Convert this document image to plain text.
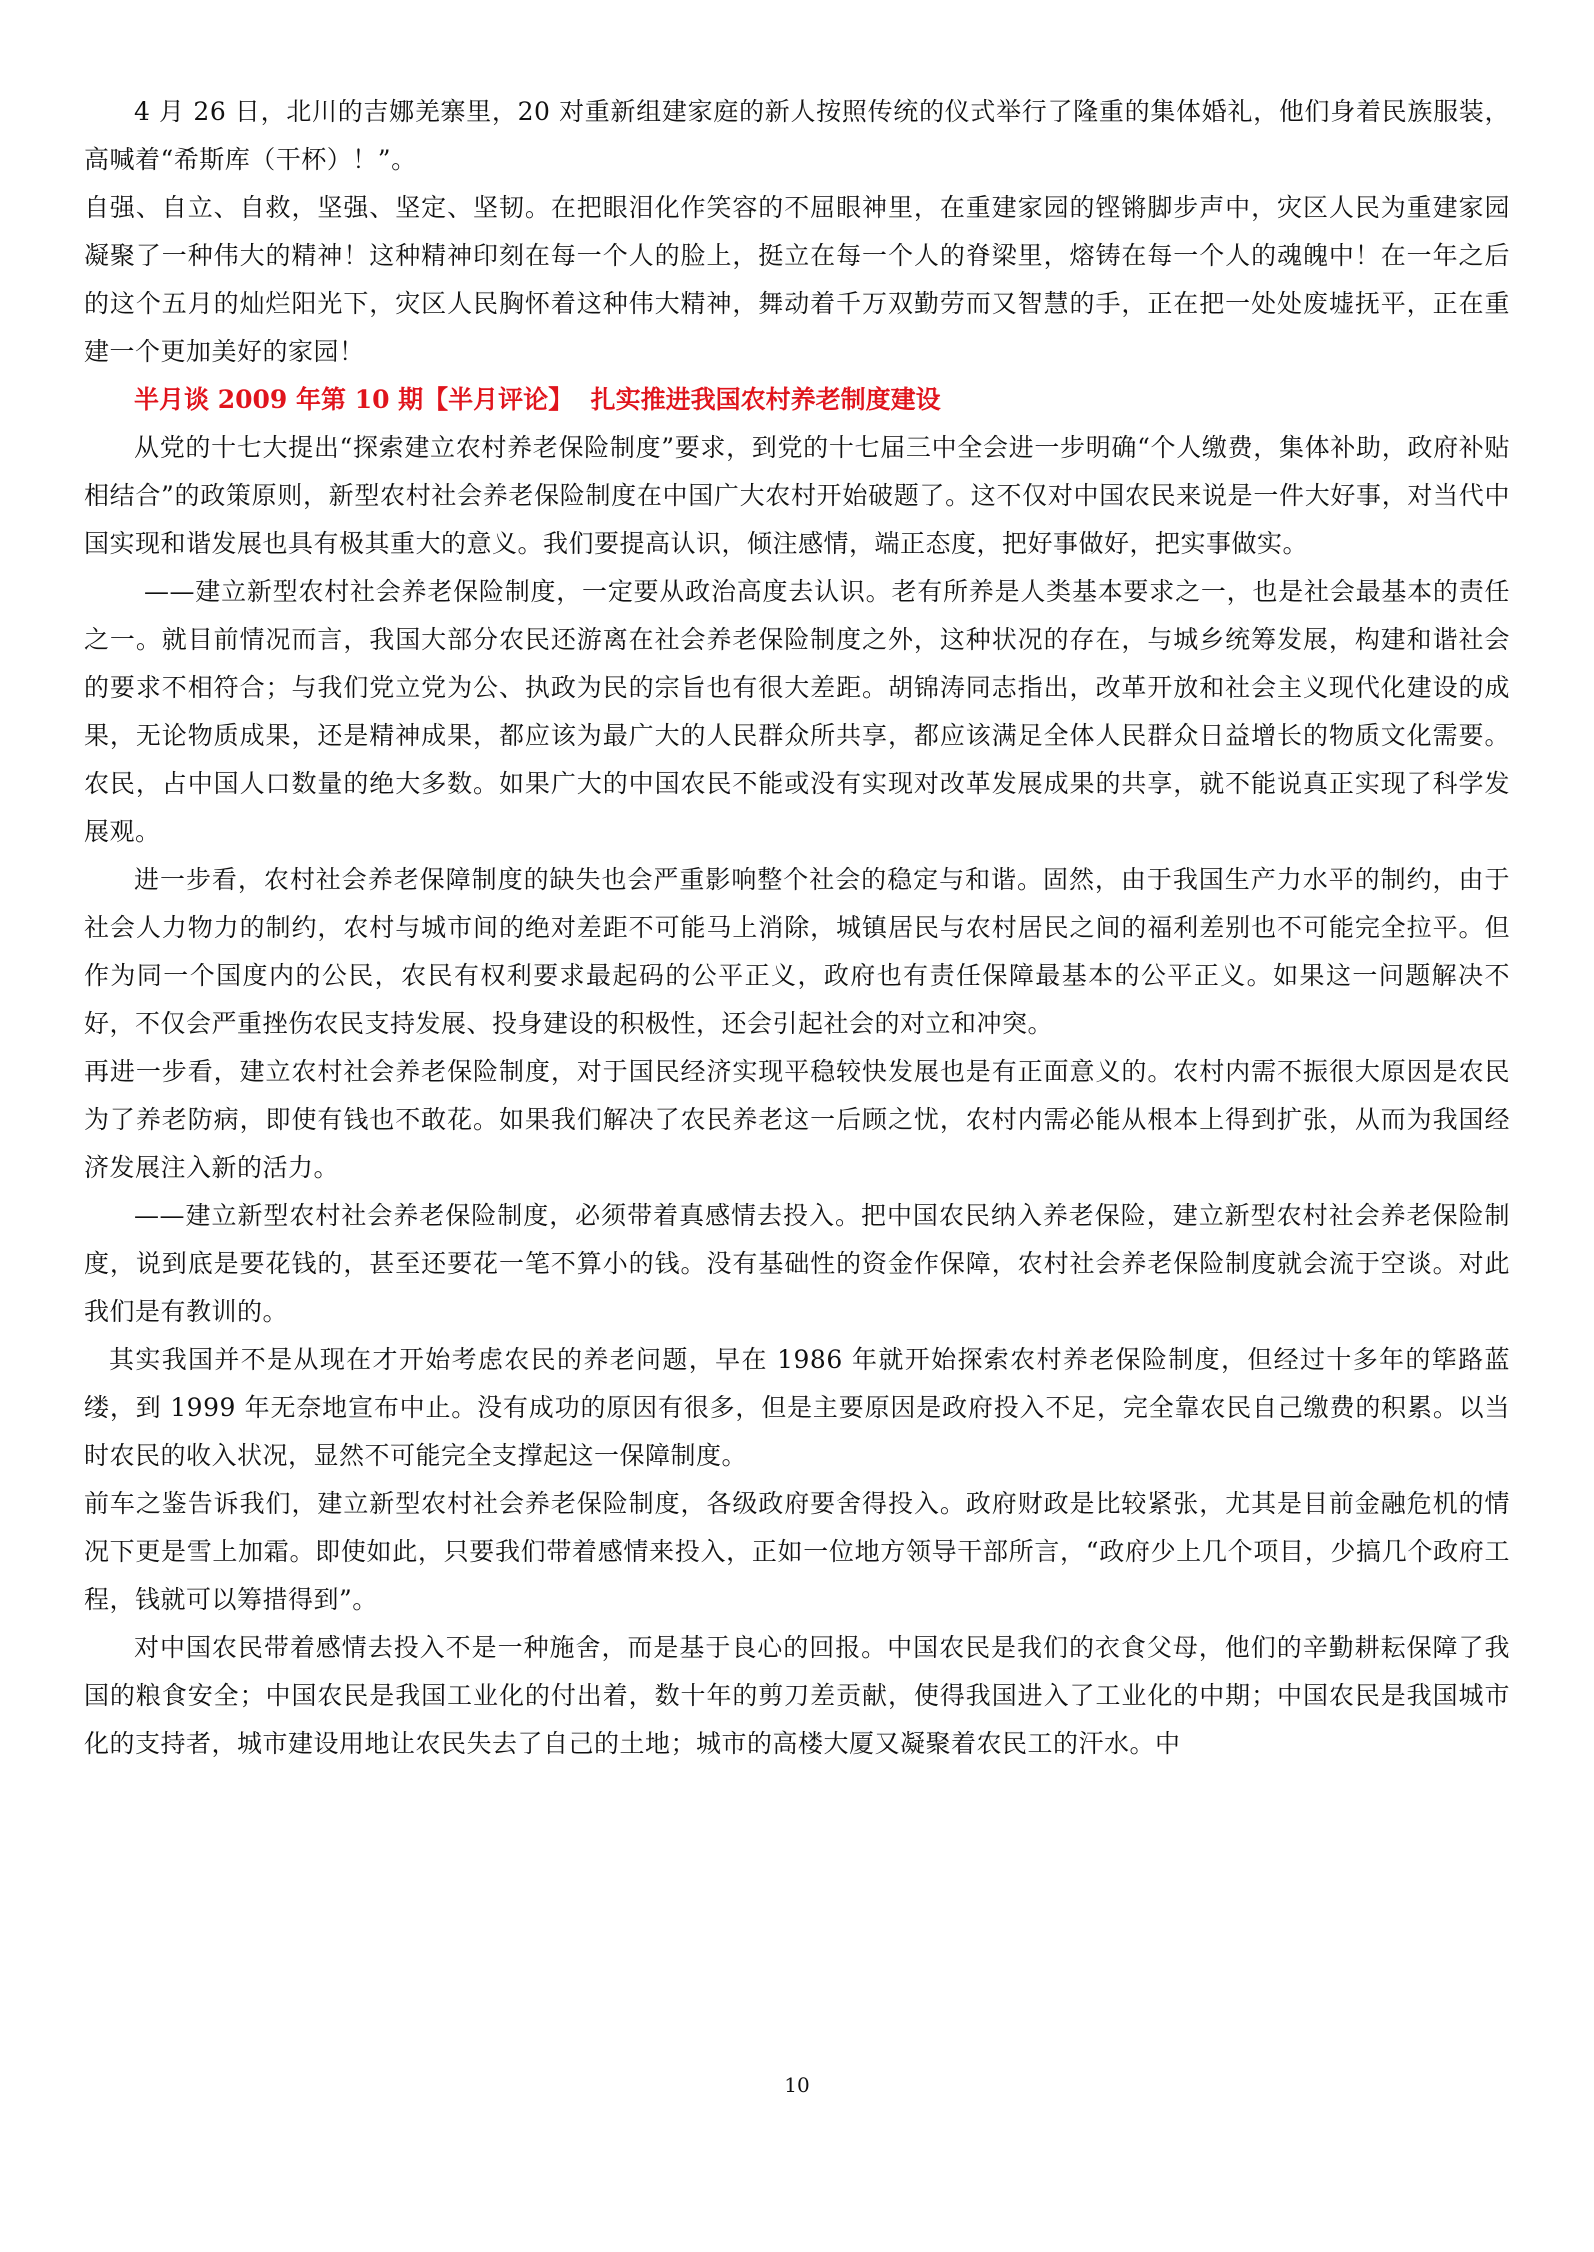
4 月 26 日，北川的吉娜羌寨里，20 对重新组建家庭的新人按照传统的仪式举行了隆重的集体婚礼，他们身着民族服装，高喊着“希斯库（干杯）！”。

自强、自立、自救，坚强、坚定、坚韧。在把眼泪化作笑容的不屈眼神里，在重建家园的铿锵脚步声中，灾区人民为重建家园凝聚了一种伟大的精神！这种精神印刻在每一个人的脸上，挺立在每一个人的脊梁里，熔铸在每一个人的魂魄中！在一年之后的这个五月的灿烂阳光下，灾区人民胸怀着这种伟大精神，舞动着千万双勤劳而又智慧的手，正在把一处处废墟抚平，正在重建一个更加美好的家园！

半月谈 2009 年第 10 期【半月评论】 扎实推进我国农村养老制度建设

从党的十七大提出“探索建立农村养老保险制度”要求，到党的十七届三中全会进一步明确“个人缴费，集体补助，政府补贴相结合”的政策原则，新型农村社会养老保险制度在中国广大农村开始破题了。这不仅对中国农民来说是一件大好事，对当代中国实现和谐发展也具有极其重大的意义。我们要提高认识，倾注感情，端正态度，把好事做好，把实事做实。

——建立新型农村社会养老保险制度，一定要从政治高度去认识。老有所养是人类基本要求之一，也是社会最基本的责任之一。就目前情况而言，我国大部分农民还游离在社会养老保险制度之外，这种状况的存在，与城乡统筹发展，构建和谐社会的要求不相符合；与我们党立党为公、执政为民的宗旨也有很大差距。胡锦涛同志指出，改革开放和社会主义现代化建设的成果，无论物质成果，还是精神成果，都应该为最广大的人民群众所共享，都应该满足全体人民群众日益增长的物质文化需要。农民，占中国人口数量的绝大多数。如果广大的中国农民不能或没有实现对改革发展成果的共享，就不能说真正实现了科学发展观。

进一步看，农村社会养老保障制度的缺失也会严重影响整个社会的稳定与和谐。固然，由于我国生产力水平的制约，由于社会人力物力的制约，农村与城市间的绝对差距不可能马上消除，城镇居民与农村居民之间的福利差别也不可能完全拉平。但作为同一个国度内的公民，农民有权利要求最起码的公平正义，政府也有责任保障最基本的公平正义。如果这一问题解决不好，不仅会严重挫伤农民支持发展、投身建设的积极性，还会引起社会的对立和冲突。

再进一步看，建立农村社会养老保险制度，对于国民经济实现平稳较快发展也是有正面意义的。农村内需不振很大原因是农民为了养老防病，即使有钱也不敢花。如果我们解决了农民养老这一后顾之忧，农村内需必能从根本上得到扩张，从而为我国经济发展注入新的活力。

——建立新型农村社会养老保险制度，必须带着真感情去投入。把中国农民纳入养老保险，建立新型农村社会养老保险制度，说到底是要花钱的，甚至还要花一笔不算小的钱。没有基础性的资金作保障，农村社会养老保险制度就会流于空谈。对此我们是有教训的。

其实我国并不是从现在才开始考虑农民的养老问题，早在 1986 年就开始探索农村养老保险制度，但经过十多年的筚路蓝缕，到 1999 年无奈地宣布中止。没有成功的原因有很多，但是主要原因是政府投入不足，完全靠农民自己缴费的积累。以当时农民的收入状况，显然不可能完全支撑起这一保障制度。

前车之鉴告诉我们，建立新型农村社会养老保险制度，各级政府要舍得投入。政府财政是比较紧张，尤其是目前金融危机的情况下更是雪上加霜。即使如此，只要我们带着感情来投入，正如一位地方领导干部所言，“政府少上几个项目，少搞几个政府工程，钱就可以筹措得到”。

对中国农民带着感情去投入不是一种施舍，而是基于良心的回报。中国农民是我们的衣食父母，他们的辛勤耕耘保障了我国的粮食安全；中国农民是我国工业化的付出着，数十年的剪刀差贡献，使得我国进入了工业化的中期；中国农民是我国城市化的支持者，城市建设用地让农民失去了自己的土地；城市的高楼大厦又凝聚着农民工的汗水。中

10
